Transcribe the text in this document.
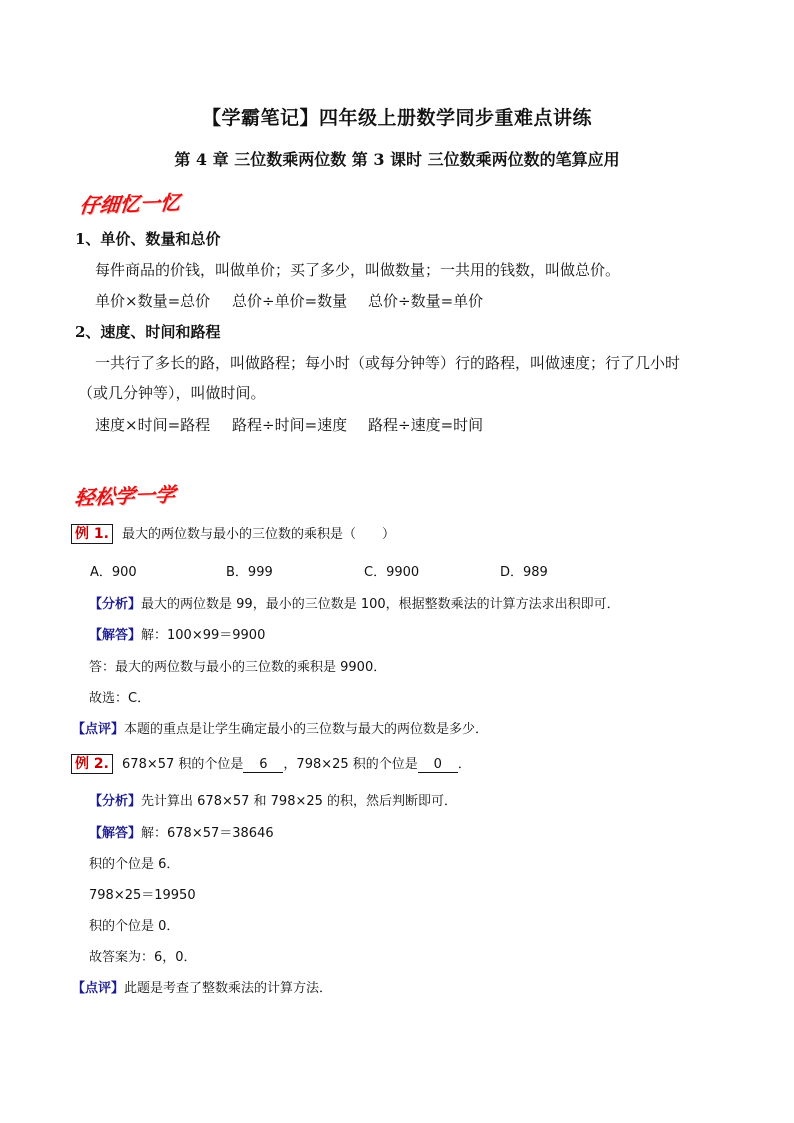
【学霸笔记】四年级上册数学同步重难点讲练
第 4 章 三位数乘两位数 第 3 课时 三位数乘两位数的笔算应用
仔细忆一忆
1、单价、数量和总价
每件商品的价钱，叫做单价；买了多少，叫做数量；一共用的钱数，叫做总价。
单价×数量=总价 总价÷单价=数量 总价÷数量=单价
2、速度、时间和路程
一共行了多长的路，叫做路程；每小时（或每分钟等）行的路程，叫做速度；行了几小时
（或几分钟等），叫做时间。
速度×时间=路程 路程÷时间=速度 路程÷速度=时间
轻松学一学
例 1. 最大的两位数与最小的三位数的乘积是（　　）
A．900	B．999	C．9900	D．989
【分析】最大的两位数是 99，最小的三位数是 100，根据整数乘法的计算方法求出积即可．
【解答】解：100×99＝9900
答：最大的两位数与最小的三位数的乘积是 9900．
故选：C．
【点评】本题的重点是让学生确定最小的三位数与最大的两位数是多少．
例 2. 678×57 积的个位是 6 ，798×25 积的个位是 0 ．
【分析】先计算出 678×57 和 798×25 的积，然后判断即可．
【解答】解：678×57＝38646
积的个位是 6．
798×25＝19950
积的个位是 0．
故答案为：6，0．
【点评】此题是考查了整数乘法的计算方法．
